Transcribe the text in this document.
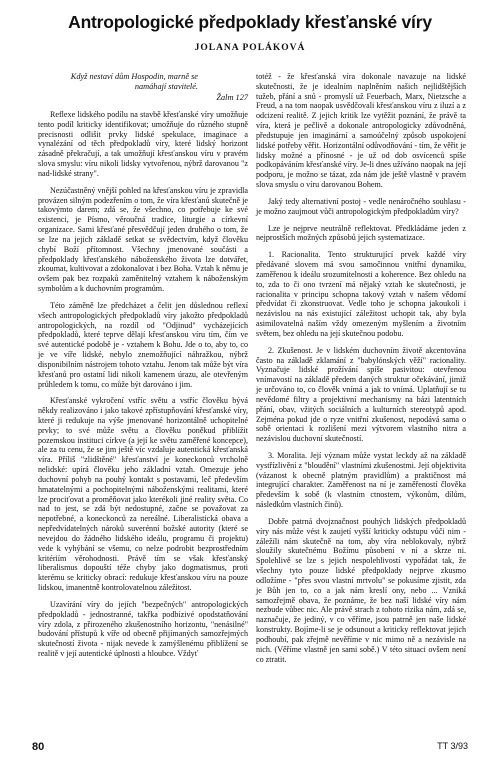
Antropologické předpoklady křesťanské víry
JOLANA POLÁKOVÁ
Když nestaví dům Hospodin, marně se namáhají stavitelé.
Žalm 127

Reflexe lidského podílu na stavbě křesťanské víry umožňuje tento podíl kriticky identifikovat; umožňuje do různého stupně precisnosti odlišit prvky lidské spekulace, imaginace a vynalézání od těch předpokladů víry, které lidský horizont zásadně překračují, a tak umožňují křesťanskou víru v pravém slova smyslu: víru nikoli lidsky vytvořenou, nýbrž darovanou "z nad-lidské strany".

Nezúčastněný vnější pohled na křesťanskou víru je zpravidla provázen silným podezřením o tom, že víra křesťanů skutečně je takovýmto darem; zdá se, že všechno, co potřebuje ke své existenci, je Písmo, věroučná tradice, liturgie a církevní organizace. Sami křesťané přesvědčují jeden druhého o tom, že se lze na jejich základě setkat se svědectvím, když člověku chybí Boží přítomnost. Všechny jmenované součásti a předpoklady křesťanského náboženského života lze dotvářet, zkoumat, kultivovat a zdokonalovat i bez Boha. Vztah k němu je ovšem pak bez rozpaků zaměnitelný vztahem k náboženským symbolům a k duchovním programům.

Této záměně lze předcházet a čelit jen důslednou reflexí všech antropologických předpokladů víry jakožto předpokladů antropologických, na rozdíl od "Odjinud" vycházejících předpokladů, které teprve dělají křesťanskou víru tím, čím ve své autentické podobě je - vztahem k Bohu. Jde o to, aby to, co je ve víře lidské, nebylo znemožňující náhražkou, nýbrž disponibilním nástrojem tohoto vztahu. Jenom tak může být víra křesťanů pro ostatní lidi nikoli kamenem úrazu, ale otevřeným průhledem k tomu, co může být darováno i jim.

Křesťanské vykročení vstříc světu a vstříc člověku bývá někdy realizováno i jako takové zpřístupňování křesťanské víry, které ji redukuje na výše jmenované horizontálně uchopitelné prvky; to své může světu a člověku poněkud přiblížit pozemskou instituci církve (a její ke světu zaměřené koncepce), ale za tu cenu, že se jim ještě víc vzdaluje autentická křesťanská víra. Příliš "zlidštěné" křesťanství je koneckonců vrcholně nelidské: upírá člověku jeho základní vztah. Omezuje jeho duchovní pohyb na pouhý kontakt s postavami, leč především hmatatelnými a pochopitelnými náboženskými realitami, které lze prociťovat a proměňovat jako kterékoli jiné reality světa. Co nad to jest, se zdá být nedostupné, začne se považovat za nepotřebné, a koneckonců za nereálné. Liberalistická obava a nepředvídatelných nároků suverénní božské autority (které se nevejdou do žádného lidského ideálu, programu či projektu) vede k vyhýbání se všemu, co nelze podrobit bezprostředním kritériím věrohodnosti. Právě tím se však křesťanský liberalismus dopouští téže chyby jako dogmatismus, proti kterému se kriticky obrací: redukuje křesťanskou víru na pouze lidskou, imanentně kontrolovatelnou záležitost.

Uzavírání víry do jejích "bezpečných" antropologických předpokladů - jednostranné, takřka podbízivé opodstatňování víry zdola, z přirozeného zkušenostního horizontu, "nenásilné" budování přístupů k víře od obecně přijímaných samozřejmých skutečností života - nijak nevede k zamýšlenému přiblížení se realitě v její autentické úplnosti a hloubce. Vždyť

totéž - že křesťanská víra dokonale navazuje na lidské skutečnosti, že je idealním naplněním našich nejlidštějších tužeb, přání a snů - promyslí už Feuerbach, Marx, Nietzsche a Freud, a na tom naopak usvědčovali křesťanskou víru z iluzí a z odcizení realitě. Z jejich kritik lze vytěžit poznání, že právě ta víra, která je pečlivě a dokonale antropologicky zdůvodněná, předstupuje jen imaginární a samoúčelný způsob uspokojení lidské potřeby věřit. Horizontální odůvodňování - tím, že věřit je lidsky možné a přínosné - je už od dob osvícenců spíše podkopáváním křesťanské víry. Je-li dnes užíváno naopak na její podporu, je možno se tázat, zda nám jde ještě vlastně v pravém slova smyslu o víru darovanou Bohem.

Jaký tedy alternativní postoj - vedle nenáročného souhlasu - je možno zaujmout vůči antropologickým předpokladům víry?

Lze je nejprve neutrálně reflektovat. Předkládáme jeden z nejprostších možných způsobů jejich systematizace.

1. Racionalita. Tento strukturující prvek každé víry předávané slovem má svou samočinnou vnitřní dynamiku, zaměřenou k ideálu srozumitelnosti a koherence. Bez ohledu na to, zda to či ono tvrzení má nějaký vztah ke skutečnosti, je racionalita v principu schopna takový vztah v našem vědomí předvídat či zkonstruovat. Vedle toho je schopna jakoukoli i nezávislou na nás existující záležitost uchopit tak, aby byla asimilovatelná naším vždy omezeným myšlením a životním světem, bez ohledu na její skutečnou podobu.

2. Zkušenost. Je v lidském duchovním životě akcentována často na základě zklamání z "babylónských věží" racionality. Vyznačuje lidské prožívání spíše pasivitou: otevřenou vnímavostí na základě předem daných struktur očekávání, jimiž je určováno to, co člověk vnímá a jak to vnímá. Uplatňují se tu nevědomé filtry a projektivní mechanismy na bázi latentních přání, obav, vžitých sociálních a kulturních stereotypů apod. Zejména pokud jde o ryze vnitřní zkušenost, nepodává sama o sobě orientaci k rozlišení mezi výtvorem vlastního nitra a nezávislou duchovní skutečností.

3. Moralita. Její význam může vystat leckdy až na základě vystřízlivění z "bloudění" vlastními zkušenostmi. Její objektivita (vázanost k obecně platným pravidlům) a praktičnost má integrující charakter. Zaměřenost na ní je zaměřeností člověka především k sobě (k vlastním ctnostem, výkonům, dílům, následkům vlastních činů).

Dobře patrná dvojznačnost pouhých lidských předpokladů víry nás může vést k zaujetí vyšší kriticky odstupu vůči nim - záležíli nám skutečně na tom, aby víra neblokovaly, nýbrž sloužily skutečnému Božímu působení v ní a skrze ni. Spolehlivě se lze s jejich nespolehlivostí vypořádat tak, že všechny tyto pouze lidské předpoklady nejprve zkusmo odložíme - "přes svou vlastní mrtvolu" se pokusíme zjistit, zda je Bůh jen to, co a jak nám kreslí ony, nebo ... Vzniká samozřejmě obava, že poznáme, že bez naší lidské víry nám nezbude vůbec nic. Ale právě strach z tohoto rizika nám, zdá se, naznačuje, že jediný, v co věříme, jsou patrně jen naše lidské konstrukty. Bojíme-li se je odsunout a kriticky reflektovat jejich podhoubí, pak zřejmě nevěříme v nic mimo ně a nezávisle na nich. (Věříme vlastně jen sami sobě.) V této situaci ovšem není co ztratit.

80	TT 3/93
